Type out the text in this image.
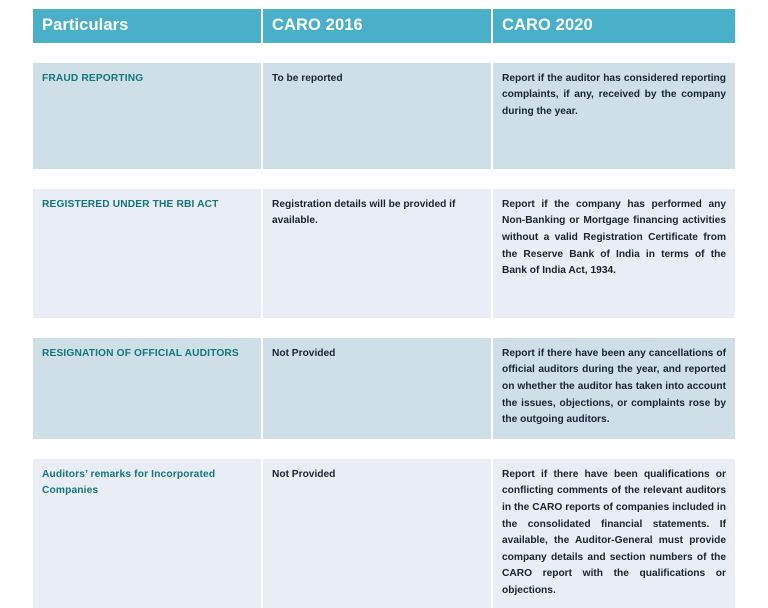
Particulars	CARO 2016	CARO 2020

FRAUD REPORTING	To be reported	Report if the auditor has considered reporting complaints, if any, received by the company during the year.

REGISTERED UNDER THE RBI ACT	Registration details will be provided if available.	Report if the company has performed any Non-Banking or Mortgage financing activities without a valid Registration Certificate from the Reserve Bank of India in terms of the Bank of India Act, 1934.

RESIGNATION OF OFFICIAL AUDITORS	Not Provided	Report if there have been any cancellations of official auditors during the year, and reported on whether the auditor has taken into account the issues, objections, or complaints rose by the outgoing auditors.

Auditors’ remarks for Incorporated Companies	Not Provided	Report if there have been qualifications or conflicting comments of the relevant auditors in the CARO reports of companies included in the consolidated financial statements. If available, the Auditor-General must provide company details and section numbers of the CARO report with the qualifications or objections.
